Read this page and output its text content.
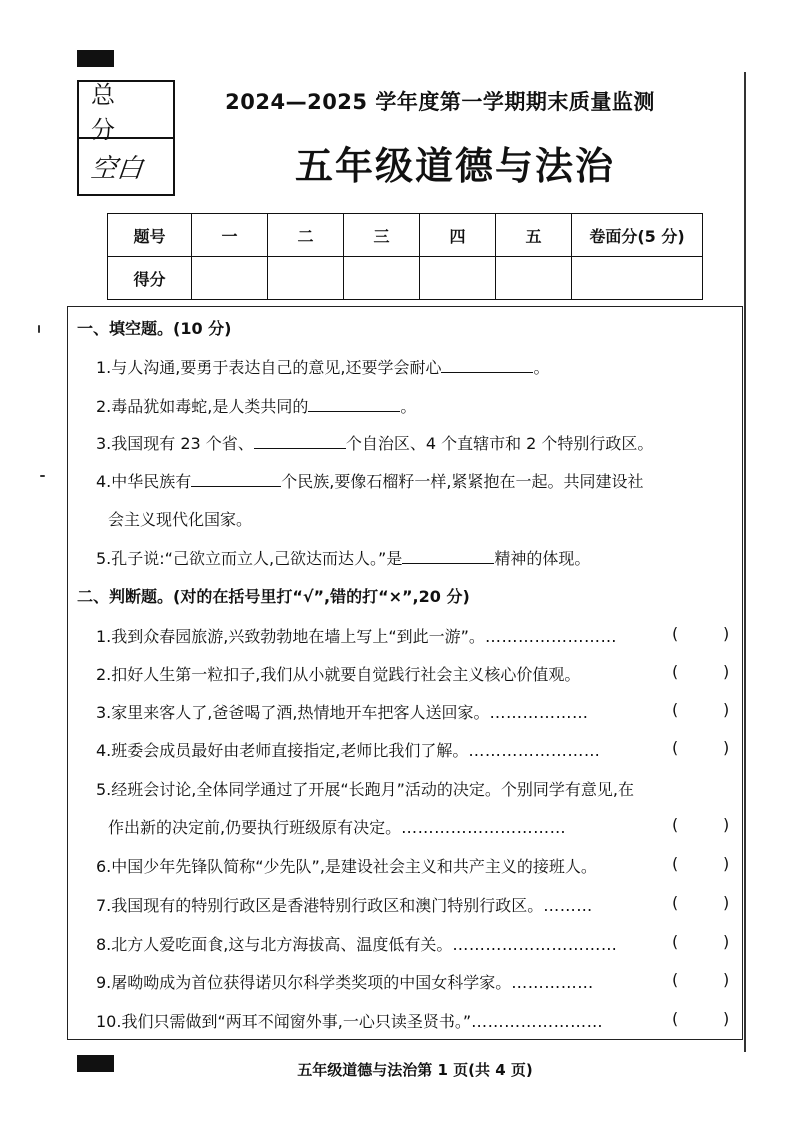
总 分
空白
2024—2025 学年度第一学期期末质量监测
五年级道德与法治
题号	一	二	三	四	五	卷面分(5 分)
得分						
一、填空题。(10 分)
1.与人沟通,要勇于表达自己的意见,还要学会耐心	。
2.毒品犹如毒蛇,是人类共同的	。
3.我国现有 23 个省、	个自治区、4 个直辖市和 2 个特别行政区。
4.中华民族有	个民族,要像石榴籽一样,紧紧抱在一起。共同建设社
会主义现代化国家。
5.孔子说:“己欲立而立人,己欲达而达人。”是	精神的体现。
二、判断题。(对的在括号里打“√”,错的打“×”,20 分)
1.我到众春园旅游,兴致勃勃地在墙上写上“到此一游”。……………………	(	)
2.扣好人生第一粒扣子,我们从小就要自觉践行社会主义核心价值观。	(	)
3.家里来客人了,爸爸喝了酒,热情地开车把客人送回家。………………	(	)
4.班委会成员最好由老师直接指定,老师比我们了解。……………………	(	)
5.经班会讨论,全体同学通过了开展“长跑月”活动的决定。个别同学有意见,在
作出新的决定前,仍要执行班级原有决定。…………………………	(	)
6.中国少年先锋队简称“少先队”,是建设社会主义和共产主义的接班人。	(	)
7.我国现有的特别行政区是香港特别行政区和澳门特别行政区。………	(	)
8.北方人爱吃面食,这与北方海拔高、温度低有关。…………………………	(	)
9.屠呦呦成为首位获得诺贝尔科学类奖项的中国女科学家。……………	(	)
10.我们只需做到“两耳不闻窗外事,一心只读圣贤书。”……………………	(	)
五年级道德与法治第 1 页(共 4 页)
